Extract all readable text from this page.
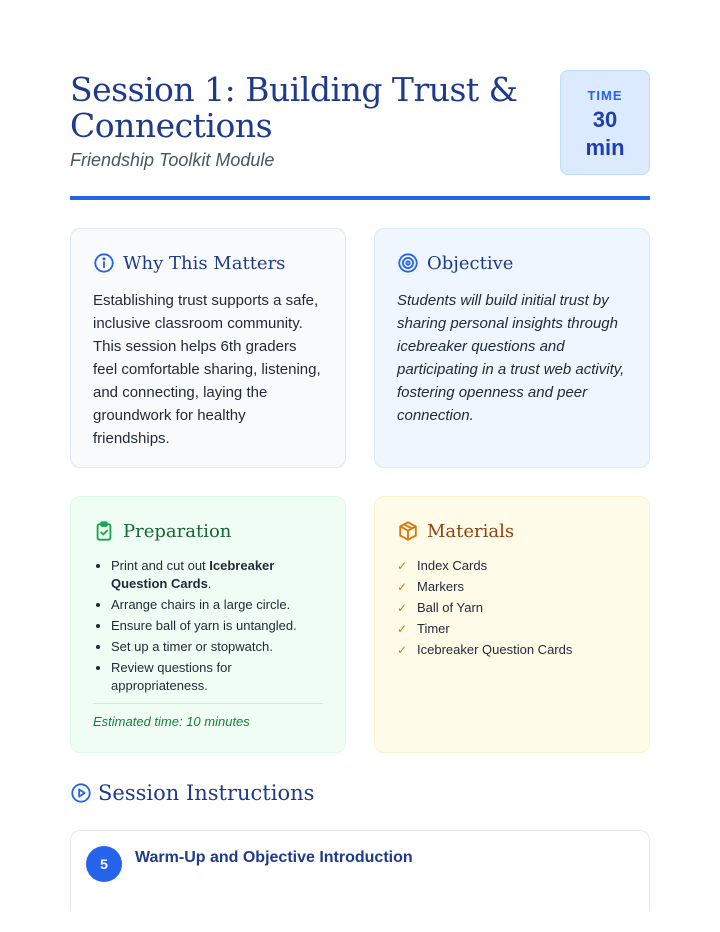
Session 1: Building Trust & Connections
Friendship Toolkit Module
TIME
30
min
Why This Matters
Establishing trust supports a safe, inclusive classroom community. This session helps 6th graders feel comfortable sharing, listening, and connecting, laying the groundwork for healthy friendships.
Objective
Students will build initial trust by sharing personal insights through icebreaker questions and participating in a trust web activity, fostering openness and peer connection.
Preparation
• Print and cut out Icebreaker Question Cards.
• Arrange chairs in a large circle.
• Ensure ball of yarn is untangled.
• Set up a timer or stopwatch.
• Review questions for appropriateness.
Estimated time: 10 minutes
Materials
✓ Index Cards
✓ Markers
✓ Ball of Yarn
✓ Timer
✓ Icebreaker Question Cards
Session Instructions
5	Warm-Up and Objective Introduction
